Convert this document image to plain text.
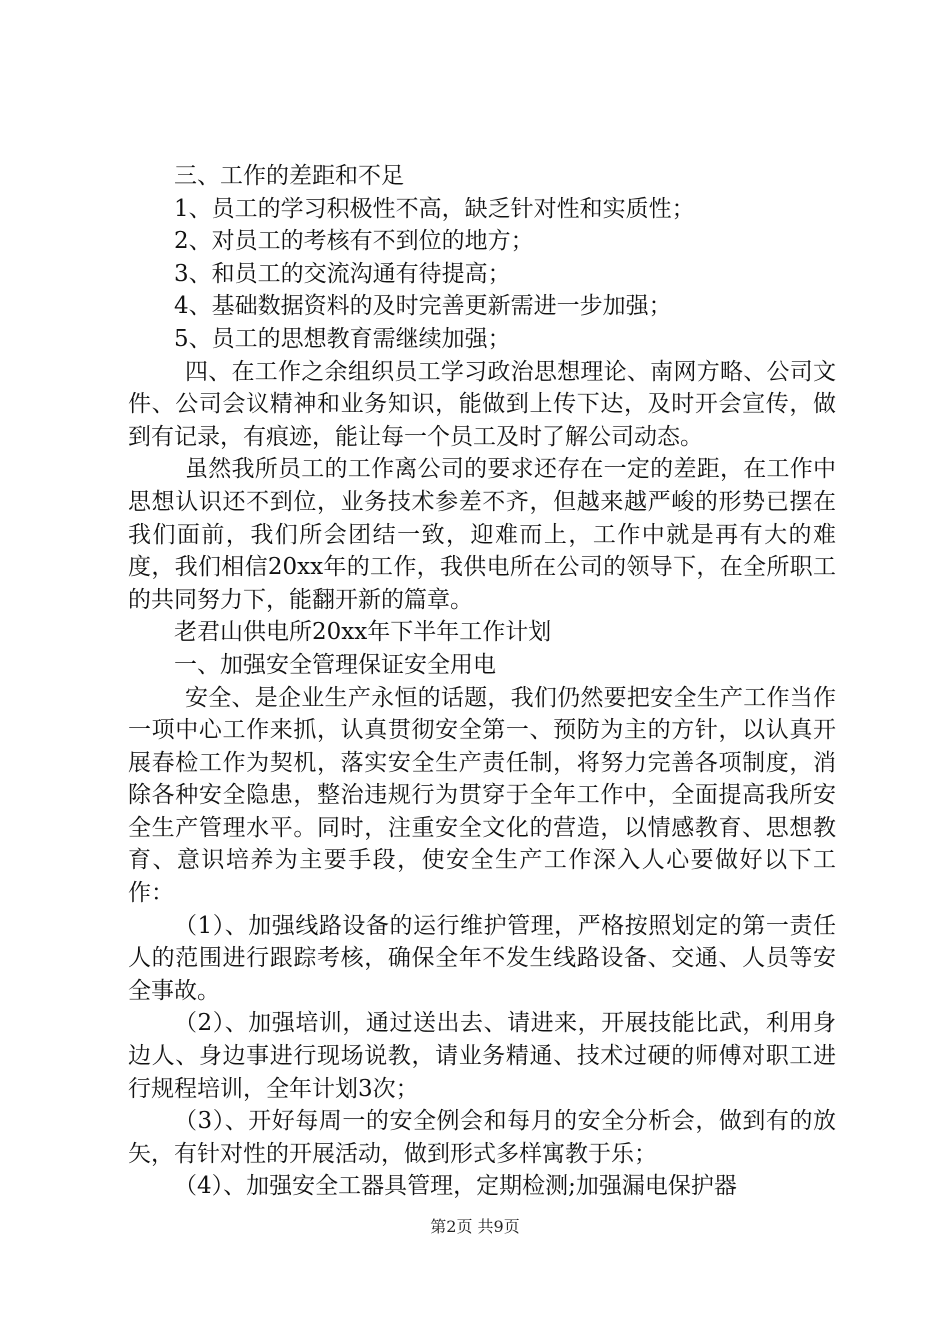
三、工作的差距和不足

1、员工的学习积极性不高，缺乏针对性和实质性；

2、对员工的考核有不到位的地方；

3、和员工的交流沟通有待提高；

4、基础数据资料的及时完善更新需进一步加强；

5、员工的思想教育需继续加强；

四、在工作之余组织员工学习政治思想理论、南网方略、公司文件、公司会议精神和业务知识，能做到上传下达，及时开会宣传，做到有记录，有痕迹，能让每一个员工及时了解公司动态。

虽然我所员工的工作离公司的要求还存在一定的差距，在工作中思想认识还不到位，业务技术参差不齐，但越来越严峻的形势已摆在我们面前，我们所会团结一致，迎难而上，工作中就是再有大的难度，我们相信20xx年的工作，我供电所在公司的领导下，在全所职工的共同努力下，能翻开新的篇章。

老君山供电所20xx年下半年工作计划

一、加强安全管理保证安全用电

安全、是企业生产永恒的话题，我们仍然要把安全生产工作当作一项中心工作来抓，认真贯彻安全第一、预防为主的方针，以认真开展春检工作为契机，落实安全生产责任制，将努力完善各项制度，消除各种安全隐患，整治违规行为贯穿于全年工作中，全面提高我所安全生产管理水平。同时，注重安全文化的营造，以情感教育、思想教育、意识培养为主要手段，使安全生产工作深入人心要做好以下工作：

（1）、加强线路设备的运行维护管理，严格按照划定的第一责任人的范围进行跟踪考核，确保全年不发生线路设备、交通、人员等安全事故。

（2）、加强培训，通过送出去、请进来，开展技能比武，利用身边人、身边事进行现场说教，请业务精通、技术过硬的师傅对职工进行规程培训，全年计划3次；

（3）、开好每周一的安全例会和每月的安全分析会，做到有的放矢，有针对性的开展活动，做到形式多样寓教于乐；

（4）、加强安全工器具管理，定期检测;加强漏电保护器

第2页 共9页
